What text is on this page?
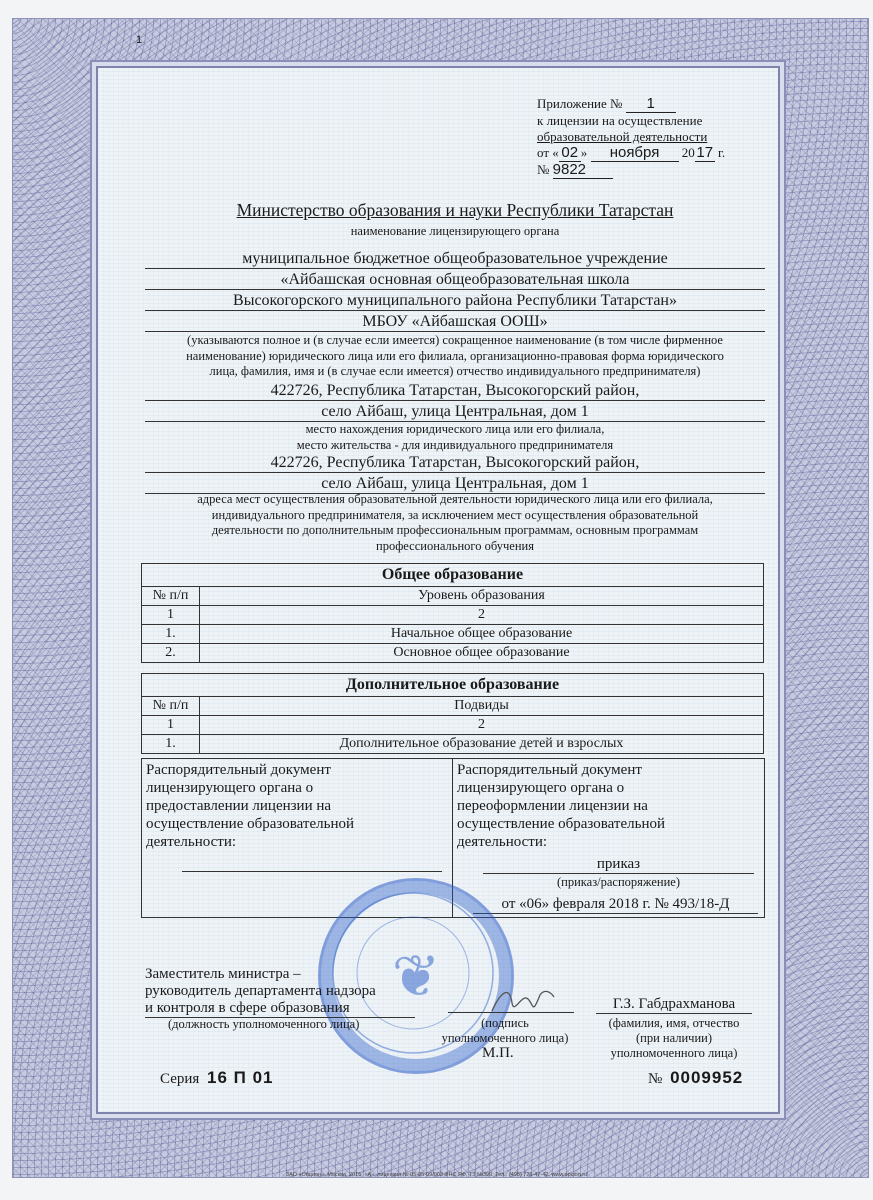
1
Приложение № 1
к лицензии на осуществление
образовательной деятельности
от « 02 » ноября 20 17 г.
№ 9822
Министерство образования и науки Республики Татарстан
наименование лицензирующего органа
муниципальное бюджетное общеобразовательное учреждение
«Айбашская основная общеобразовательная школа
Высокогорского муниципального района Республики Татарстан»
МБОУ «Айбашская ООШ»
(указываются полное и (в случае если имеется) сокращенное наименование (в том числе фирменное
наименование) юридического лица или его филиала, организационно-правовая форма юридического
лица, фамилия, имя и (в случае если имеется) отчество индивидуального предпринимателя)
422726, Республика Татарстан, Высокогорский район,
село Айбаш, улица Центральная, дом 1
место нахождения юридического лица или его филиала,
место жительства - для индивидуального предпринимателя
422726, Республика Татарстан, Высокогорский район,
село Айбаш, улица Центральная, дом 1
адреса мест осуществления образовательной деятельности юридического лица или его филиала,
индивидуального предпринимателя, за исключением мест осуществления образовательной
деятельности по дополнительным профессиональным программам, основным программам
профессионального обучения
Общее образование	
№ п/п	Уровень образования
1	2
1.	Начальное общее образование
2.	Основное общее образование
Дополнительное образование	
№ п/п	Подвиды
1	2
1.	Дополнительное образование детей и взрослых
Распорядительный документ
лицензирующего органа о
предоставлении лицензии на
осуществление образовательной
деятельности:
Распорядительный документ
лицензирующего органа о
переоформлении лицензии на
осуществление образовательной
деятельности:
приказ
(приказ/распоряжение)
от «06» февраля 2018 г. № 493/18-Д
❦
Заместитель министра –
руководитель департамента надзора
и контроля в сфере образования
(должность уполномоченного лица)	(подпись
уполномоченного лица)
М.П.
Г.З. Габдрахманова
(фамилия, имя, отчество
(при наличии)
уполномоченного лица)
Серия 16 П 01	№ 0009952
ЗАО «Опцион», Москва, 2015, «А», лицензия № 05-05-09/003 ФНС РФ, ТЗ №399. Тел.: (495) 726-47-42, www.opcion.ru
